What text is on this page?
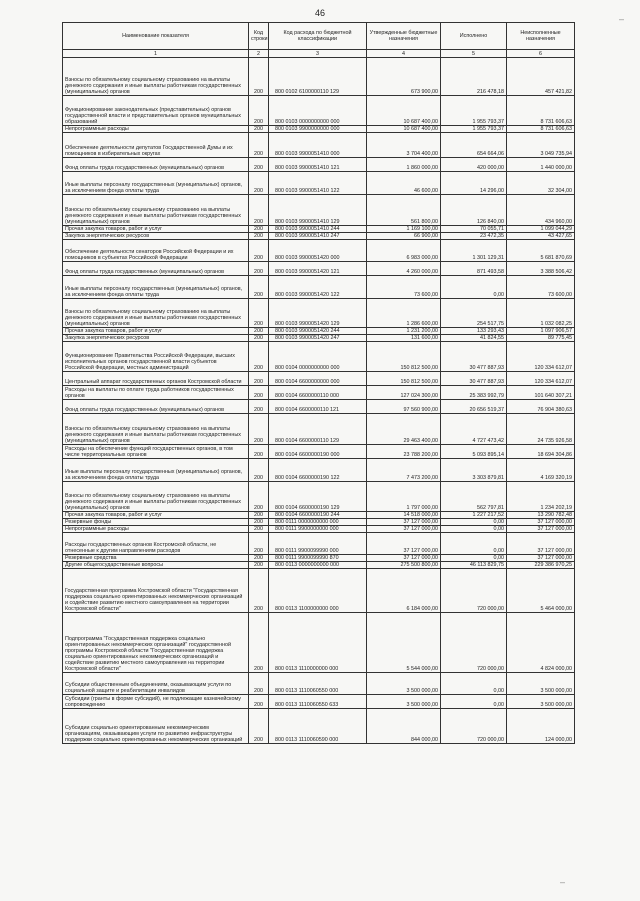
46
–
–
Наименование показателя	Код строки	Код расхода по бюджетной классификации	Утвержденные бюджетные назначения	Исполнено	Неисполненные назначения
1	2	3	4	5	6
Взносы по обязательному социальному страхованию на выплаты денежного содержания и иные выплаты работникам государственных (муниципальных) органов	200	800 0102 6100000110 129	673 900,00	216 478,18	457 421,82
Функционирование законодательных (представительных) органов государственной власти и представительных органов муниципальных образований	200	800 0103 0000000000 000	10 687 400,00	1 955 793,37	8 731 606,63
Непрограммные расходы	200	800 0103 9900000000 000	10 687 400,00	1 955 793,37	8 731 606,63
Обеспечение деятельности депутатов Государственной Думы и их помощников в избирательных округах	200	800 0103 9900051410 000	3 704 400,00	654 664,06	3 049 735,94
Фонд оплаты труда государственных (муниципальных) органов	200	800 0103 9900051410 121	1 860 000,00	420 000,00	1 440 000,00
Иные выплаты персоналу государственных (муниципальных) органов, за исключением фонда оплаты труда	200	800 0103 9900051410 122	46 600,00	14 296,00	32 304,00
Взносы по обязательному социальному страхованию на выплаты денежного содержания и иные выплаты работникам государственных (муниципальных) органов	200	800 0103 9900051410 129	561 800,00	126 840,00	434 960,00
Прочая закупка товаров, работ и услуг	200	800 0103 9900051410 244	1 169 100,00	70 055,71	1 099 044,29
Закупка энергетических ресурсов	200	800 0103 9900051410 247	66 900,00	23 472,35	43 427,65
Обеспечение деятельности сенаторов Российской Федерации и их помощников в субъектах Российской Федерации	200	800 0103 9900051420 000	6 983 000,00	1 301 129,31	5 681 870,69
Фонд оплаты труда государственных (муниципальных) органов	200	800 0103 9900051420 121	4 260 000,00	871 493,58	3 388 506,42
Иные выплаты персоналу государственных (муниципальных) органов, за исключением фонда оплаты труда	200	800 0103 9900051420 122	73 600,00	0,00	73 600,00
Взносы по обязательному социальному страхованию на выплаты денежного содержания и иные выплаты работникам государственных (муниципальных) органов	200	800 0103 9900051420 129	1 286 600,00	254 517,75	1 032 082,25
Прочая закупка товаров, работ и услуг	200	800 0103 9900051420 244	1 231 200,00	133 293,43	1 097 906,57
Закупка энергетических ресурсов	200	800 0103 9900051420 247	131 600,00	41 824,55	89 775,45
Функционирование Правительства Российской Федерации, высших исполнительных органов государственной власти субъектов Российской Федерации, местных администраций	200	800 0104 0000000000 000	150 812 500,00	30 477 887,93	120 334 612,07
Центральный аппарат государственных органов Костромской области	200	800 0104 6600000000 000	150 812 500,00	30 477 887,93	120 334 612,07
Расходы на выплаты по оплате труда работников государственных органов	200	800 0104 6600000110 000	127 024 300,00	25 383 992,79	101 640 307,21
Фонд оплаты труда государственных (муниципальных) органов	200	800 0104 6600000110 121	97 560 900,00	20 656 519,37	76 904 380,63
Взносы по обязательному социальному страхованию на выплаты денежного содержания и иные выплаты работникам государственных (муниципальных) органов	200	800 0104 6600000110 129	29 463 400,00	4 727 473,42	24 735 926,58
Расходы на обеспечение функций государственных органов, в том числе территориальных органов	200	800 0104 6600000190 000	23 788 200,00	5 093 895,14	18 694 304,86
Иные выплаты персоналу государственных (муниципальных) органов, за исключением фонда оплаты труда	200	800 0104 6600000190 122	7 473 200,00	3 303 879,81	4 169 320,19
Взносы по обязательному социальному страхованию на выплаты денежного содержания и иные выплаты работникам государственных (муниципальных) органов	200	800 0104 6600000190 129	1 797 000,00	562 797,81	1 234 202,19
Прочая закупка товаров, работ и услуг	200	800 0104 6600000190 244	14 518 000,00	1 227 217,52	13 290 782,48
Резервные фонды	200	800 0111 0000000000 000	37 127 000,00	0,00	37 127 000,00
Непрограммные расходы	200	800 0111 9900000000 000	37 127 000,00	0,00	37 127 000,00
Расходы государственных органов Костромской области, не отнесенные к другим направлениям расходов	200	800 0111 9900099990 000	37 127 000,00	0,00	37 127 000,00
Резервные средства	200	800 0111 9900099990 870	37 127 000,00	0,00	37 127 000,00
Другие общегосударственные вопросы	200	800 0113 0000000000 000	275 500 800,00	46 113 829,75	229 386 970,25
Государственная программа Костромской области "Государственная поддержка социально ориентированных некоммерческих организаций и содействие развитию местного самоуправления на территории Костромской области"	200	800 0113 1100000000 000	6 184 000,00	720 000,00	5 464 000,00
Подпрограмма "Государственная поддержка социально ориентированных некоммерческих организаций" государственной программы Костромской области "Государственная поддержка социально ориентированных некоммерческих организаций и содействие развитию местного самоуправления на территории Костромской области"	200	800 0113 1110000000 000	5 544 000,00	720 000,00	4 824 000,00
Субсидии общественным объединениям, оказывающим услуги по социальной защите и реабилитации инвалидов	200	800 0113 1110060550 000	3 500 000,00	0,00	3 500 000,00
Субсидии (гранты в форме субсидий), не подлежащие казначейскому сопровождению	200	800 0113 1110060550 633	3 500 000,00	0,00	3 500 000,00
Субсидии социально ориентированным некоммерческим организациям, оказывающим услуги по развитию инфраструктуры поддержки социально ориентированных некоммерческих организаций	200	800 0113 1110060590 000	844 000,00	720 000,00	124 000,00
